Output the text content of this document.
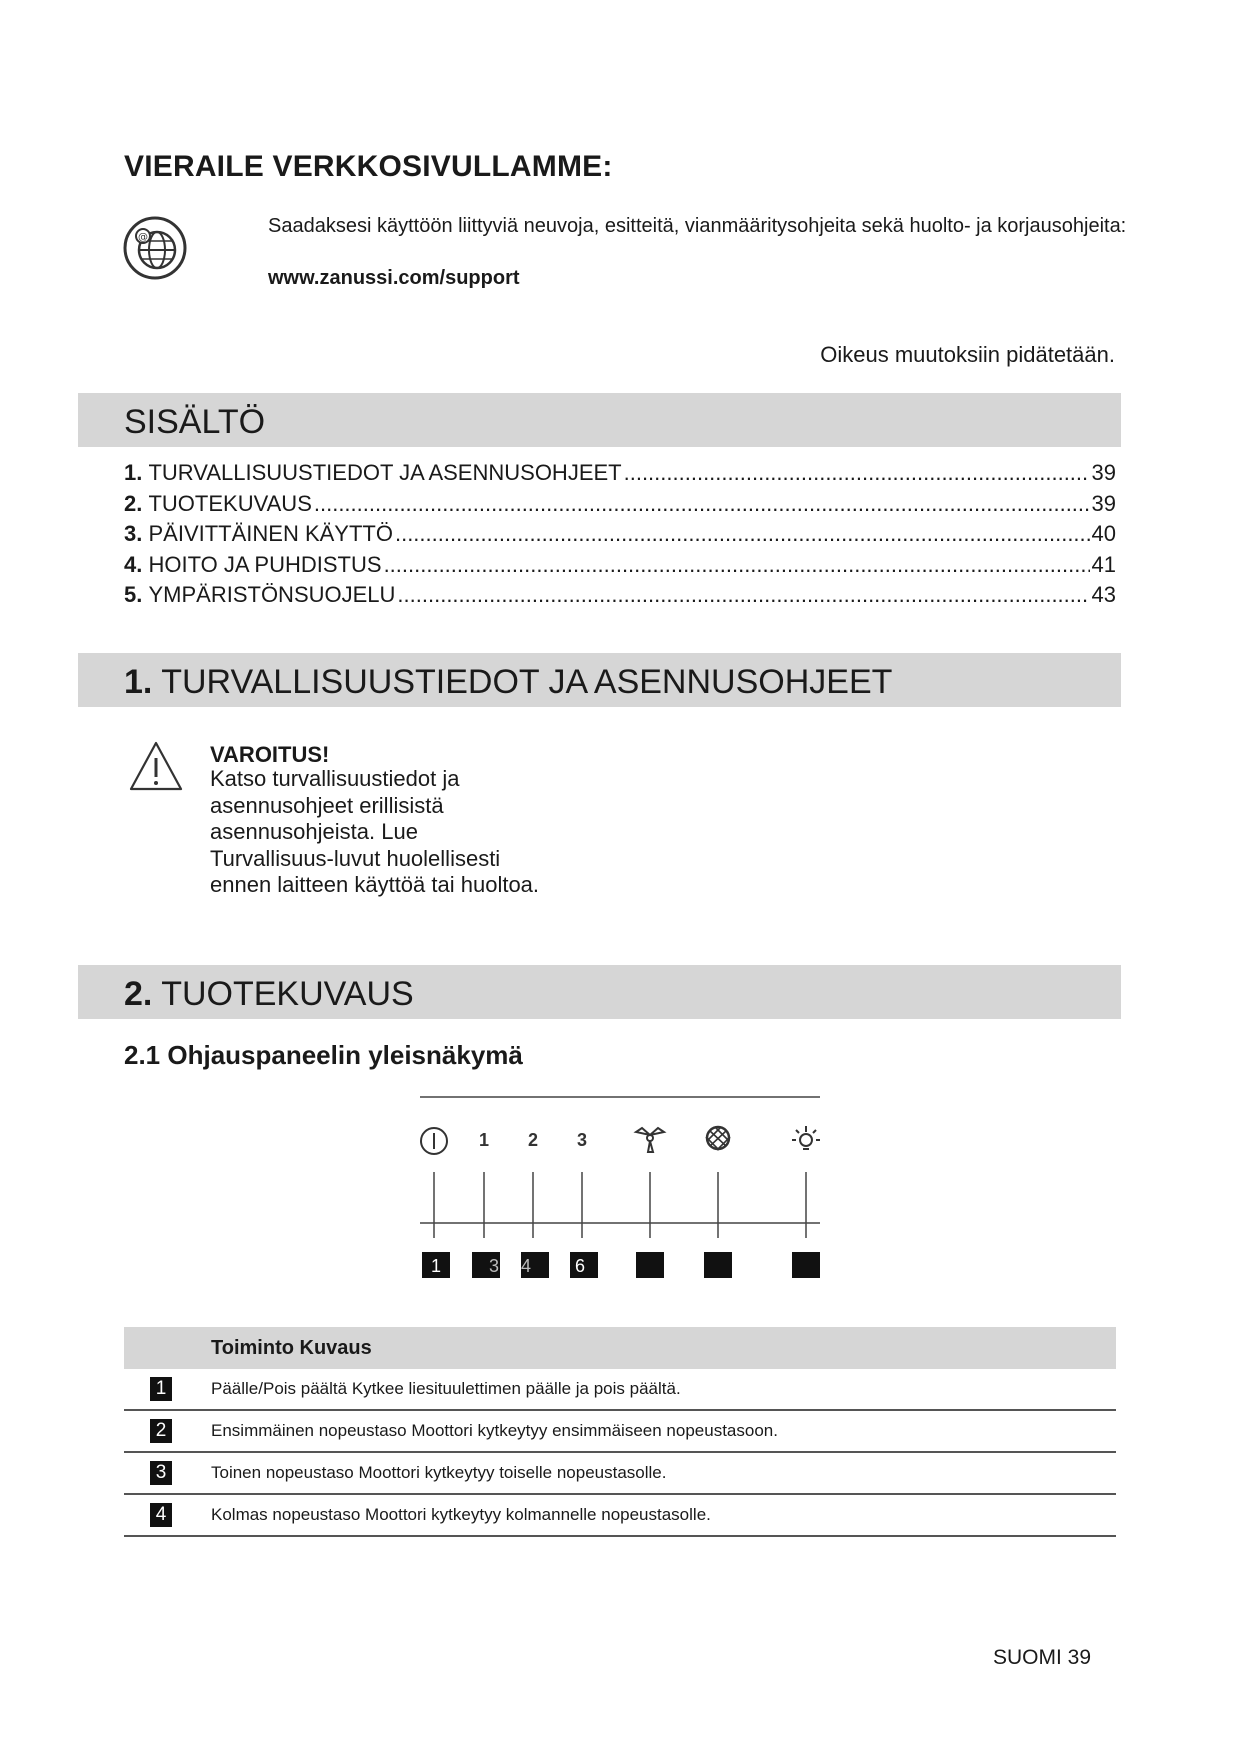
VIERAILE VERKKOSIVULLAMME:
@
Saadaksesi käyttöön liittyviä neuvoja, esitteitä, vianmääritysohjeita sekä huolto- ja korjausohjeita:
www.zanussi.com/support
Oikeus muutoksiin pidätetään.
SISÄLTÖ
1.
TURVALLISUUSTIEDOT JA ASENNUSOHJEET .....	39
2.
TUOTEKUVAUS .....	39
3.
PÄIVITTÄINEN KÄYTTÖ .....	40
4.
HOITO JA PUHDISTUS .....	41
5.
YMPÄRISTÖNSUOJELU .....	43
1. TURVALLISUUSTIEDOT JA ASENNUSOHJEET
VAROITUS!
Katso turvallisuustiedot ja asennusohjeet erillisistä asennusohjeista. Lue Turvallisuus-luvut huolellisesti ennen laitteen käyttöä tai huoltoa.
2. TUOTEKUVAUS
2.1 Ohjauspaneelin yleisnäkymä
1 2 3
1	3 4 6
Toiminto Kuvaus
1	Päälle/Pois päältä Kytkee liesituulettimen päälle ja pois päältä.
2	Ensimmäinen nopeustaso Moottori kytkeytyy ensimmäiseen nopeustasoon.
3	Toinen nopeustaso Moottori kytkeytyy toiselle nopeustasolle.
4	Kolmas nopeustaso Moottori kytkeytyy kolmannelle nopeustasolle.
SUOMI 39
